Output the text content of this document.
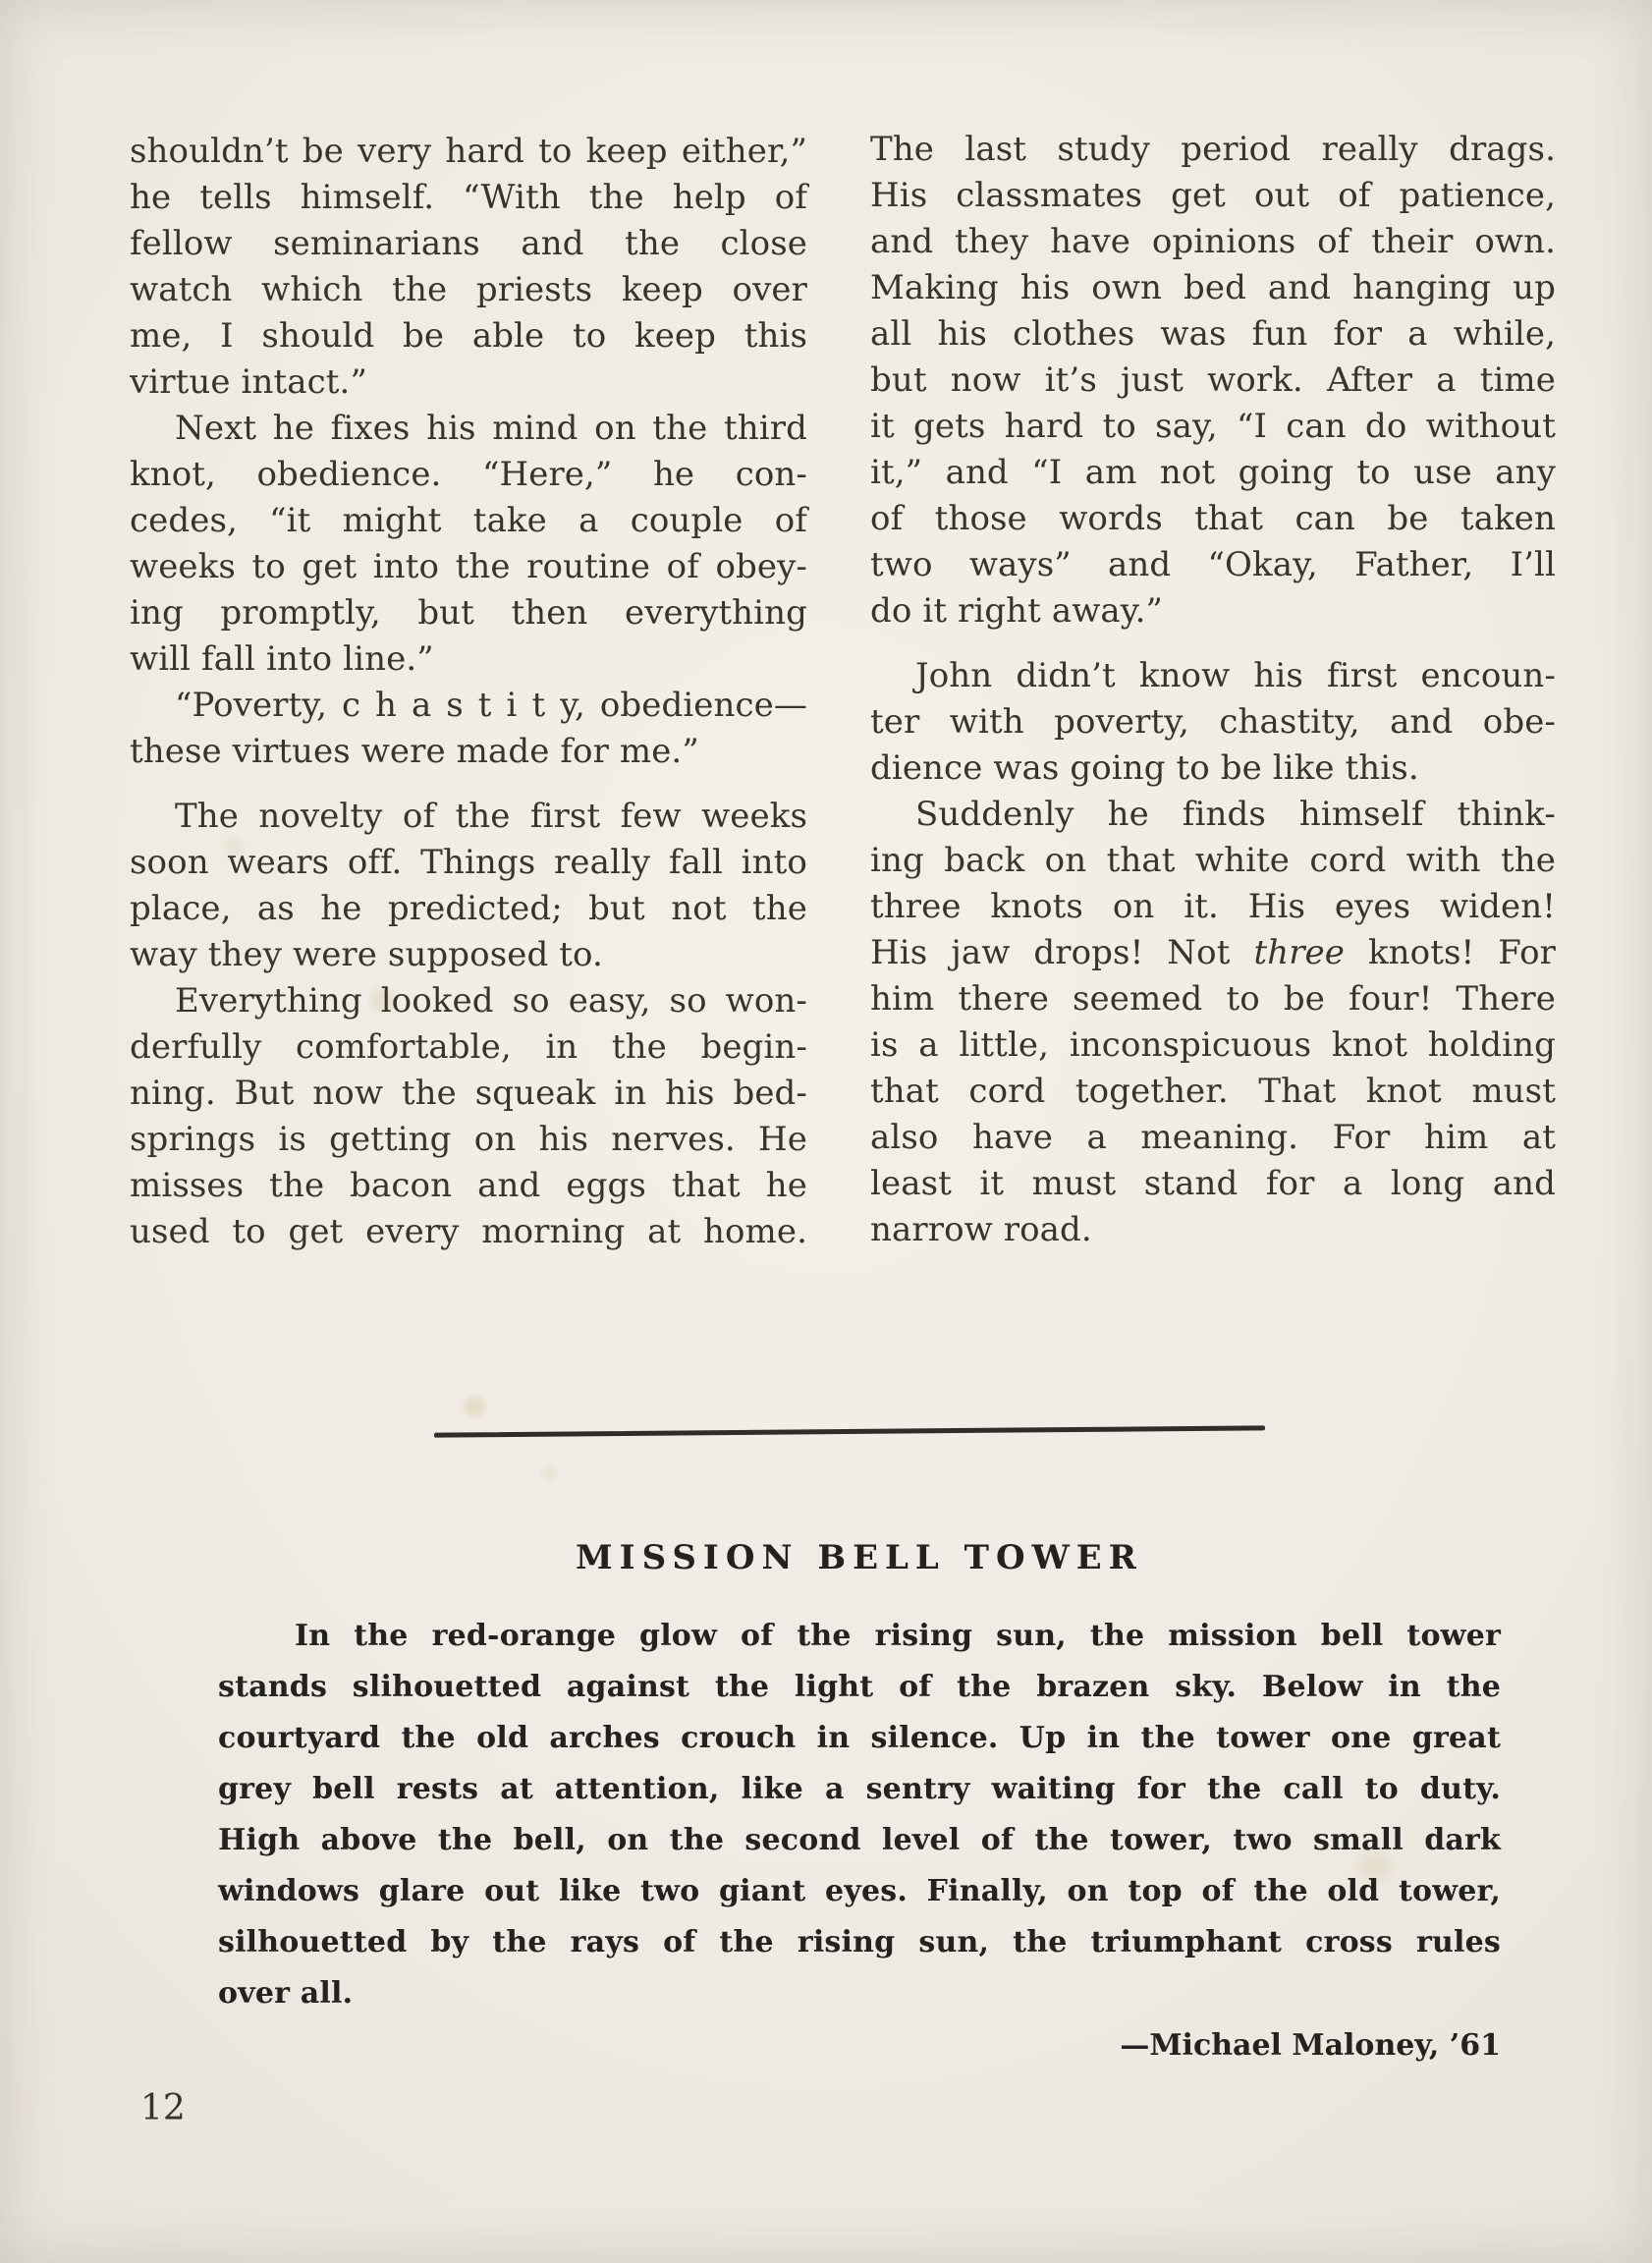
shouldn’t be very hard to keep either,”
he tells himself. “With the help of
fellow seminarians and the close
watch which the priests keep over
me, I should be able to keep this
virtue intact.”
Next he fixes his mind on the third
knot, obedience. “Here,” he con-
cedes, “it might take a couple of
weeks to get into the routine of obey-
ing promptly, but then everything
will fall into line.”
“Poverty, c h a s t i t y, obedience—
these virtues were made for me.”
The novelty of the first few weeks
soon wears off. Things really fall into
place, as he predicted; but not the
way they were supposed to.
Everything looked so easy, so won-
derfully comfortable, in the begin-
ning. But now the squeak in his bed-
springs is getting on his nerves. He
misses the bacon and eggs that he
used to get every morning at home.
The last study period really drags.
His classmates get out of patience,
and they have opinions of their own.
Making his own bed and hanging up
all his clothes was fun for a while,
but now it’s just work. After a time
it gets hard to say, “I can do without
it,” and “I am not going to use any
of those words that can be taken
two ways” and “Okay, Father, I’ll
do it right away.”
John didn’t know his first encoun-
ter with poverty, chastity, and obe-
dience was going to be like this.
Suddenly he finds himself think-
ing back on that white cord with the
three knots on it. His eyes widen!
His jaw drops! Not three knots! For
him there seemed to be four! There
is a little, inconspicuous knot holding
that cord together. That knot must
also have a meaning. For him at
least it must stand for a long and
narrow road.
MISSION BELL TOWER
In the red-orange glow of the rising sun, the mission bell tower
stands slihouetted against the light of the brazen sky. Below in the
courtyard the old arches crouch in silence. Up in the tower one great
grey bell rests at attention, like a sentry waiting for the call to duty.
High above the bell, on the second level of the tower, two small dark
windows glare out like two giant eyes. Finally, on top of the old tower,
silhouetted by the rays of the rising sun, the triumphant cross rules
over all.
—Michael Maloney, ’61
12
